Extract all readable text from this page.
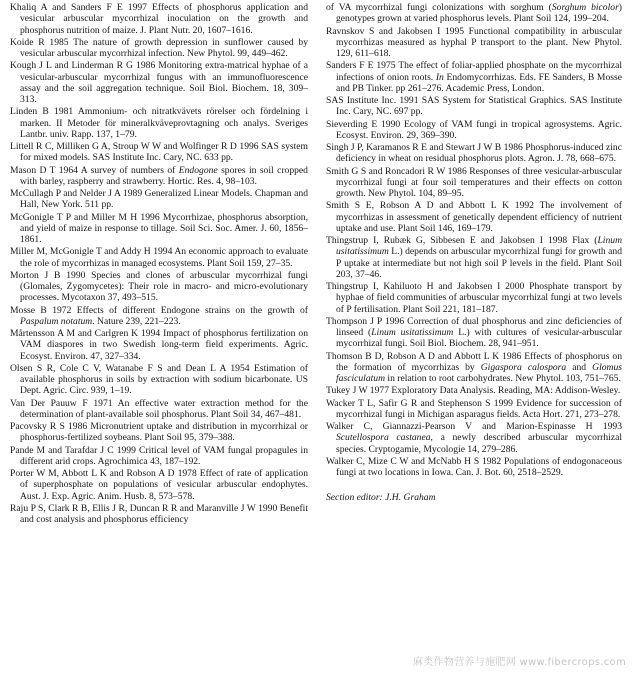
Khaliq A and Sanders F E 1997 Effects of phosphorus application and vesicular arbuscular mycorrhizal inoculation on the growth and phosphorus nutrition of maize. J. Plant Nutr. 20, 1607–1616.

Koide R 1985 The nature of growth depression in sunflower caused by vesicular arbuscular mycorrhizal infection. New Phytol. 99, 449–462.

Kough J L and Linderman R G 1986 Monitoring extra-matrical hyphae of a vesicular-arbuscular mycorrhizal fungus with an immunofluorescence assay and the soil aggregation technique. Soil Biol. Biochem. 18, 309–313.

Linden B 1981 Ammonium- och nitratkvävets rörelser och fördelning i marken. II Metoder för mineralkväveprovtagning och analys. Sveriges Lantbr. univ. Rapp. 137, 1–79.

Littell R C, Milliken G A, Stroup W W and Wolfinger R D 1996 SAS system for mixed models. SAS Institute Inc. Cary, NC. 633 pp.

Mason D T 1964 A survey of numbers of Endogone spores in soil cropped with barley, raspberry and strawberry. Hortic. Res. 4, 98–103.

McCullagh P and Nelder J A 1989 Generalized Linear Models. Chapman and Hall, New York. 511 pp.

McGonigle T P and Miller M H 1996 Mycorrhizae, phosphorus absorption, and yield of maize in response to tillage. Soil Sci. Soc. Amer. J. 60, 1856–1861.

Miller M, McGonigle T and Addy H 1994 An economic approach to evaluate the role of mycorrhizas in managed ecosystems. Plant Soil 159, 27–35.

Morton J B 1990 Species and clones of arbuscular mycorrhizal fungi (Glomales, Zygomycetes): Their role in macro- and micro-evolutionary processes. Mycotaxon 37, 493–515.

Mosse B 1972 Effects of different Endogone strains on the growth of Paspalum notatum. Nature 239, 221–223.

Mårtensson A M and Carlgren K 1994 Impact of phosphorus fertilization on VAM diaspores in two Swedish long-term field experiments. Agric. Ecosyst. Environ. 47, 327–334.

Olsen S R, Cole C V, Watanabe F S and Dean L A 1954 Estimation of available phosphorus in soils by extraction with sodium bicarbonate. US Dept. Agric. Circ. 939, 1–19.

Van Der Pauuw F 1971 An effective water extraction method for the determination of plant-available soil phosphorus. Plant Soil 34, 467–481.

Pacovsky R S 1986 Micronutrient uptake and distribution in mycorrhizal or phosphorus-fertilized soybeans. Plant Soil 95, 379–388.

Pande M and Tarafdar J C 1999 Critical level of VAM fungal propagules in different arid crops. Agrochimica 43, 187–192.

Porter W M, Abbott L K and Robson A D 1978 Effect of rate of application of superphosphate on populations of vesicular arbuscular endophytes. Aust. J. Exp. Agric. Anim. Husb. 8, 573–578.

Raju P S, Clark R B, Ellis J R, Duncan R R and Maranville J W 1990 Benefit and cost analysis and phosphorus efficiency

of VA mycorrhizal fungi colonizations with sorghum (Sorghum bicolor) genotypes grown at varied phosphorus levels. Plant Soil 124, 199–204.

Ravnskov S and Jakobsen I 1995 Functional compatibility in arbuscular mycorrhizas measured as hyphal P transport to the plant. New Phytol. 129, 611–618.

Sanders F E 1975 The effect of foliar-applied phosphate on the mycorrhizal infections of onion roots. In Endomycorrhizas. Eds. FE Sanders, B Mosse and PB Tinker. pp 261–276. Academic Press, London.

SAS Institute Inc. 1991 SAS System for Statistical Graphics. SAS Institute Inc. Cary, NC. 697 pp.

Sieverding E 1990 Ecology of VAM fungi in tropical agrosystems. Agric. Ecosyst. Environ. 29, 369–390.

Singh J P, Karamanos R E and Stewart J W B 1986 Phosphorus-induced zinc deficiency in wheat on residual phosphorus plots. Agron. J. 78, 668–675.

Smith G S and Roncadori R W 1986 Responses of three vesicular-arbuscular mycorrhizal fungi at four soil temperatures and their effects on cotton growth. New Phytol. 104, 89–95.

Smith S E, Robson A D and Abbott L K 1992 The involvement of mycorrhizas in assessment of genetically dependent efficiency of nutrient uptake and use. Plant Soil 146, 169–179.

Thingstrup I, Rubæk G, Sibbesen E and Jakobsen I 1998 Flax (Linum usitatissimum L.) depends on arbuscular mycorrhizal fungi for growth and P uptake at intermediate but not high soil P levels in the field. Plant Soil 203, 37–46.

Thingstrup I, Kahiluoto H and Jakobsen I 2000 Phosphate transport by hyphae of field communities of arbuscular mycorrhizal fungi at two levels of P fertilisation. Plant Soil 221, 181–187.

Thompson J P 1996 Correction of dual phosphorus and zinc deficiencies of linseed (Linum usitatissimum L.) with cultures of vesicular-arbuscular mycorrhizal fungi. Soil Biol. Biochem. 28, 941–951.

Thomson B D, Robson A D and Abbott L K 1986 Effects of phosphorus on the formation of mycorrhizas by Gigaspora calospora and Glomus fasciculatum in relation to root carbohydrates. New Phytol. 103, 751–765.

Tukey J W 1977 Exploratory Data Analysis. Reading, MA: Addison-Wesley.

Wacker T L, Safir G R and Stephenson S 1999 Evidence for succession of mycorrhizal fungi in Michigan asparagus fields. Acta Hort. 271, 273–278.

Walker C, Giannazzi-Pearson V and Marion-Espinasse H 1993 Scutellospora castanea, a newly described arbuscular mycorrhizal species. Cryptogamie, Mycologie 14, 279–286.

Walker C, Mize C W and McNabb H S 1982 Populations of endogonaceous fungi at two locations in Iowa. Can. J. Bot. 60, 2518–2529.

Section editor: J.H. Graham
麻类作物营养与施肥网 www.fibercrops.com
